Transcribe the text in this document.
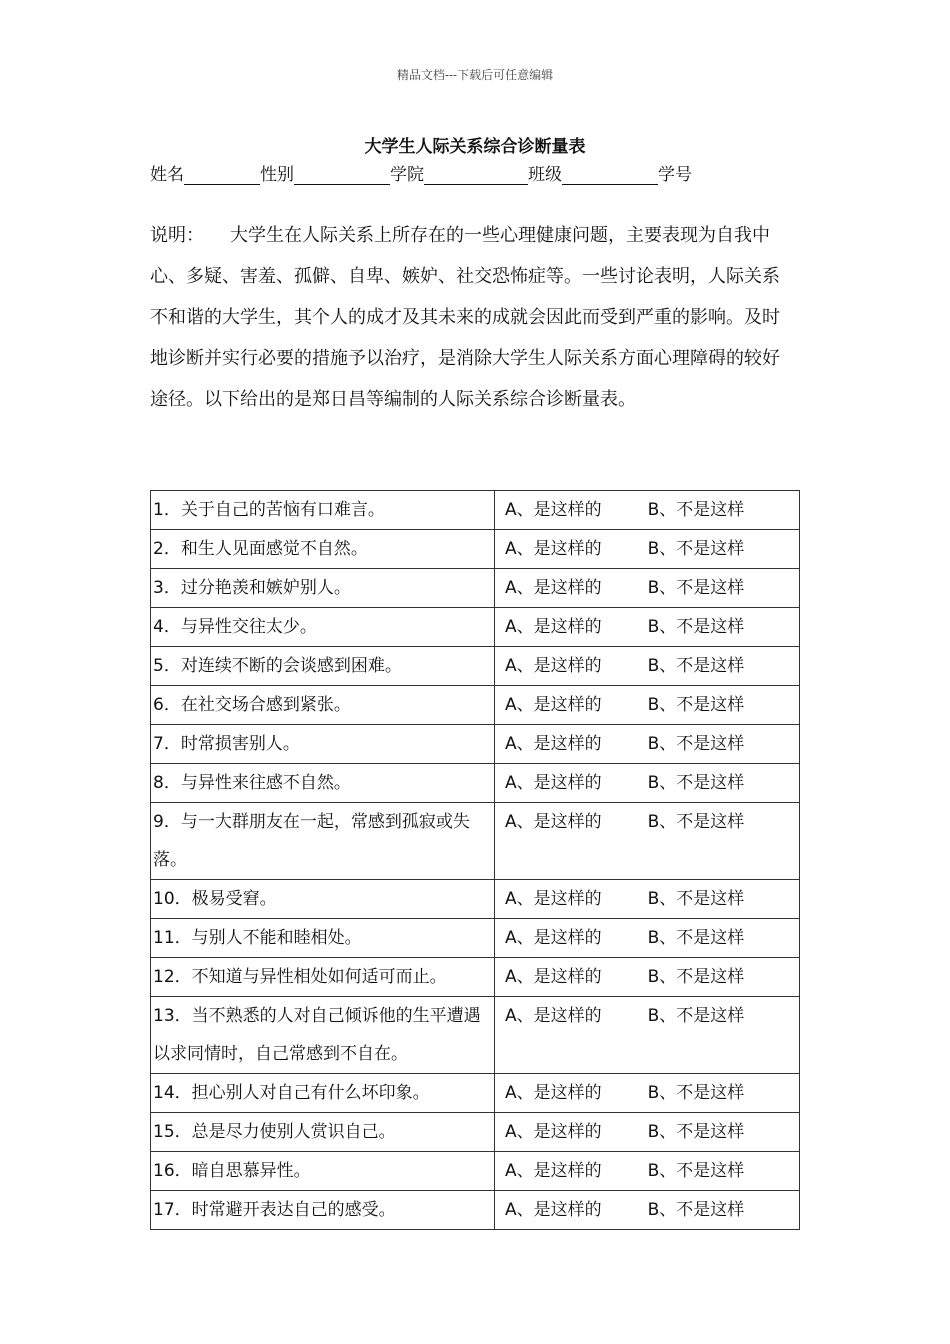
精品文档---下载后可任意编辑
大学生人际关系综合诊断量表
姓名	性别	学院	班级	学号
说明： 大学生在人际关系上所存在的一些心理健康问题，主要表现为自我中心、多疑、害羞、孤僻、自卑、嫉妒、社交恐怖症等。一些讨论表明，人际关系不和谐的大学生，其个人的成才及其未来的成就会因此而受到严重的影响。及时地诊断并实行必要的措施予以治疗，是消除大学生人际关系方面心理障碍的较好途径。以下给出的是郑日昌等编制的人际关系综合诊断量表。
1．关于自己的苦恼有口难言。	A、是这样的 B、不是这样
2．和生人见面感觉不自然。	A、是这样的 B、不是这样
3．过分艳羡和嫉妒别人。	A、是这样的 B、不是这样
4．与异性交往太少。	A、是这样的 B、不是这样
5．对连续不断的会谈感到困难。	A、是这样的 B、不是这样
6．在社交场合感到紧张。	A、是这样的 B、不是这样
7．时常损害别人。	A、是这样的 B、不是这样
8．与异性来往感不自然。	A、是这样的 B、不是这样
9．与一大群朋友在一起，常感到孤寂或失落。	A、是这样的 B、不是这样
10．极易受窘。	A、是这样的 B、不是这样
11．与别人不能和睦相处。	A、是这样的 B、不是这样
12．不知道与异性相处如何适可而止。	A、是这样的 B、不是这样
13．当不熟悉的人对自己倾诉他的生平遭遇以求同情时，自己常感到不自在。	A、是这样的 B、不是这样
14．担心别人对自己有什么坏印象。	A、是这样的 B、不是这样
15．总是尽力使别人赏识自己。	A、是这样的 B、不是这样
16．暗自思慕异性。	A、是这样的 B、不是这样
17．时常避开表达自己的感受。	A、是这样的 B、不是这样
